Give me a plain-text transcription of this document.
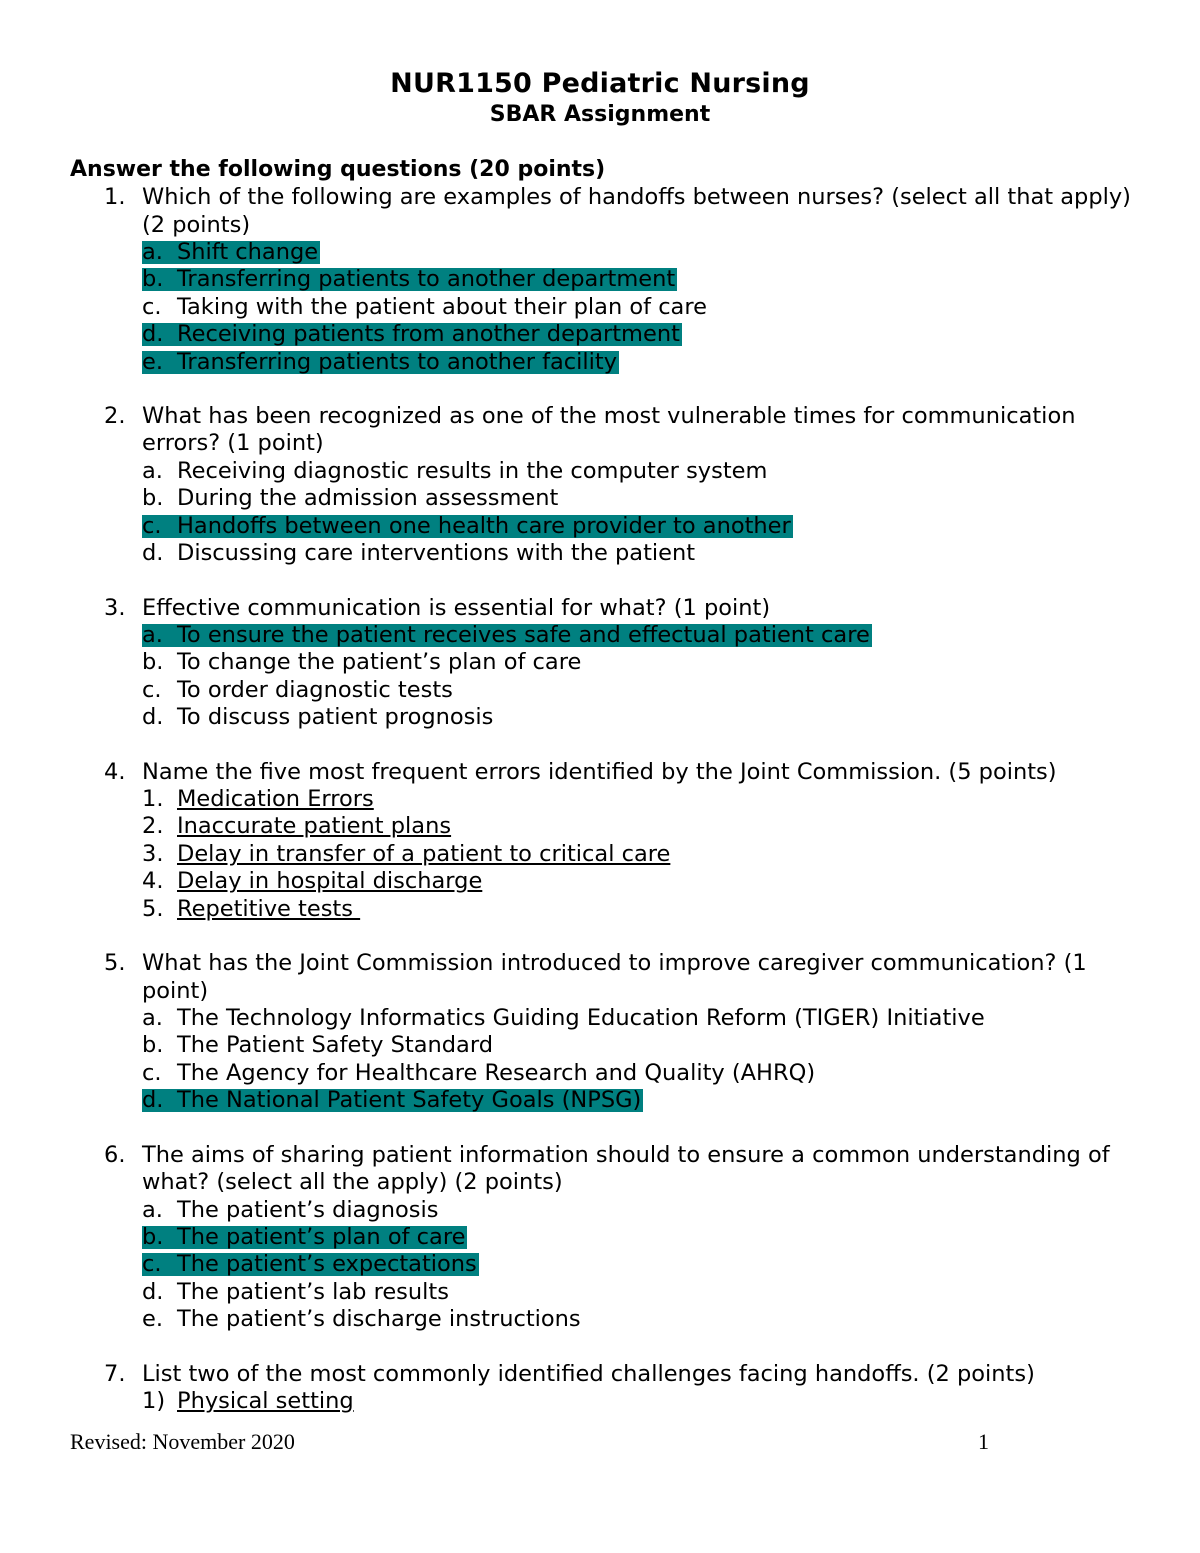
NUR1150 Pediatric Nursing
SBAR Assignment
Answer the following questions (20 points)
1. Which of the following are examples of handoffs between nurses? (select all that apply) (2 points)
a. Shift change
b. Transferring patients to another department
c. Taking with the patient about their plan of care
d. Receiving patients from another department
e. Transferring patients to another facility
2. What has been recognized as one of the most vulnerable times for communication errors? (1 point)
a. Receiving diagnostic results in the computer system
b. During the admission assessment
c. Handoffs between one health care provider to another
d. Discussing care interventions with the patient
3. Effective communication is essential for what? (1 point)
a. To ensure the patient receives safe and effectual patient care
b. To change the patient’s plan of care
c. To order diagnostic tests
d. To discuss patient prognosis
4. Name the five most frequent errors identified by the Joint Commission. (5 points)
1. Medication Errors
2. Inaccurate patient plans
3. Delay in transfer of a patient to critical care
4. Delay in hospital discharge
5. Repetitive tests
5. What has the Joint Commission introduced to improve caregiver communication? (1 point)
a. The Technology Informatics Guiding Education Reform (TIGER) Initiative
b. The Patient Safety Standard
c. The Agency for Healthcare Research and Quality (AHRQ)
d. The National Patient Safety Goals (NPSG)
6. The aims of sharing patient information should to ensure a common understanding of what? (select all the apply) (2 points)
a. The patient’s diagnosis
b. The patient’s plan of care
c. The patient’s expectations
d. The patient’s lab results
e. The patient’s discharge instructions
7. List two of the most commonly identified challenges facing handoffs. (2 points)
1) Physical setting
Revised: November 2020	1
